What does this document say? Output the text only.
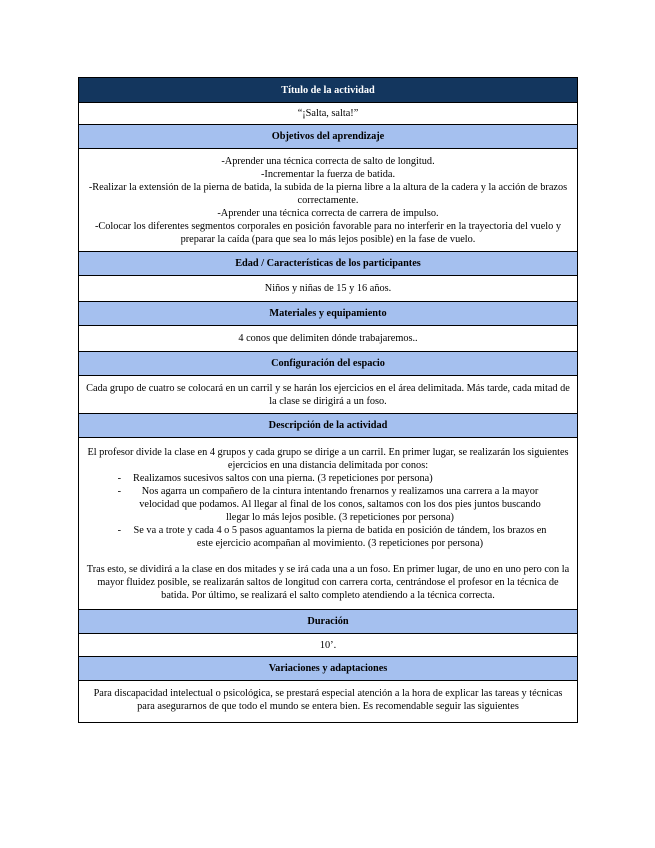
Título de la actividad
“¡Salta, salta!”
Objetivos del aprendizaje

-Aprender una técnica correcta de salto de longitud.
-Incrementar la fuerza de batida.
-Realizar la extensión de la pierna de batida, la subida de la pierna libre a la altura de la cadera y la acción de brazos correctamente.
-Aprender una técnica correcta de carrera de impulso.
-Colocar los diferentes segmentos corporales en posición favorable para no interferir en la trayectoria del vuelo y preparar la caída (para que sea lo más lejos posible) en la fase de vuelo.

Edad / Características de los participantes
Niños y niñas de 15 y 16 años.
Materiales y equipamiento
4 conos que delimiten dónde trabajaremos..
Configuración del espacio
Cada grupo de cuatro se colocará en un carril y se harán los ejercicios en el área delimitada. Más tarde, cada mitad de la clase se dirigirá a un foso.
Descripción de la actividad

El profesor divide la clase en 4 grupos y cada grupo se dirige a un carril. En primer lugar, se realizarán los siguientes ejercicios en una distancia delimitada por conos:
-	Realizamos sucesivos saltos con una pierna. (3 repeticiones por persona)
-	Nos agarra un compañero de la cintura intentando frenarnos y realizamos una carrera a la mayor velocidad que podamos. Al llegar al final de los conos, saltamos con los dos pies juntos buscando llegar lo más lejos posible. (3 repeticiones por persona)
-	Se va a trote y cada 4 o 5 pasos aguantamos la pierna de batida en posición de tándem, los brazos en este ejercicio acompañan al movimiento. (3 repeticiones por persona)
Tras esto, se dividirá a la clase en dos mitades y se irá cada una a un foso. En primer lugar, de uno en uno pero con la mayor fluidez posible, se realizarán saltos de longitud con carrera corta, centrándose el profesor en la técnica de batida. Por último, se realizará el salto completo atendiendo a la técnica correcta.

Duración
10’.
Variaciones y adaptaciones

Para discapacidad intelectual o psicológica, se prestará especial atención a la hora de explicar las tareas y técnicas para asegurarnos de que todo el mundo se entera bien. Es recomendable seguir las siguientes
